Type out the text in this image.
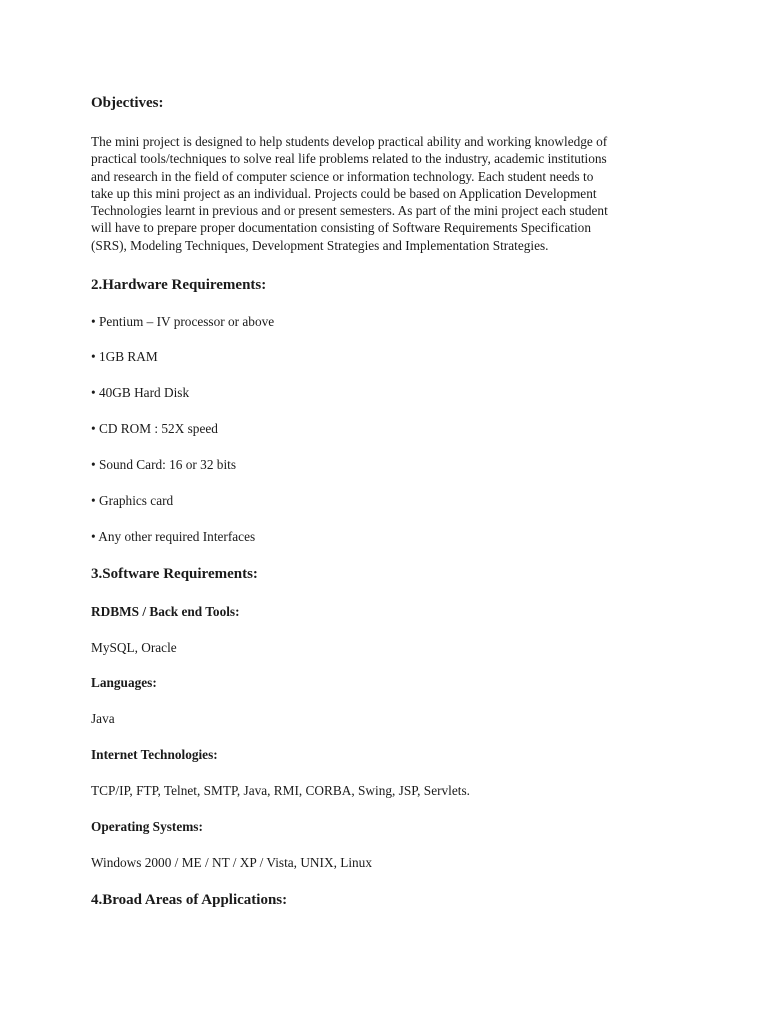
Objectives:
The mini project is designed to help students develop practical ability and working knowledge of
practical tools/techniques to solve real life problems related to the industry, academic institutions
and research in the field of computer science or information technology. Each student needs to
take up this mini project as an individual. Projects could be based on Application Development
Technologies learnt in previous and or present semesters. As part of the mini project each student
will have to prepare proper documentation consisting of Software Requirements Specification
(SRS), Modeling Techniques, Development Strategies and Implementation Strategies.
2.Hardware Requirements:
• Pentium – IV processor or above
• 1GB RAM
• 40GB Hard Disk
• CD ROM : 52X speed
• Sound Card: 16 or 32 bits
• Graphics card
• Any other required Interfaces
3.Software Requirements:
RDBMS / Back end Tools:
MySQL, Oracle
Languages:
Java
Internet Technologies:
TCP/IP, FTP, Telnet, SMTP, Java, RMI, CORBA, Swing, JSP, Servlets.
Operating Systems:
Windows 2000 / ME / NT / XP / Vista, UNIX, Linux
4.Broad Areas of Applications:
